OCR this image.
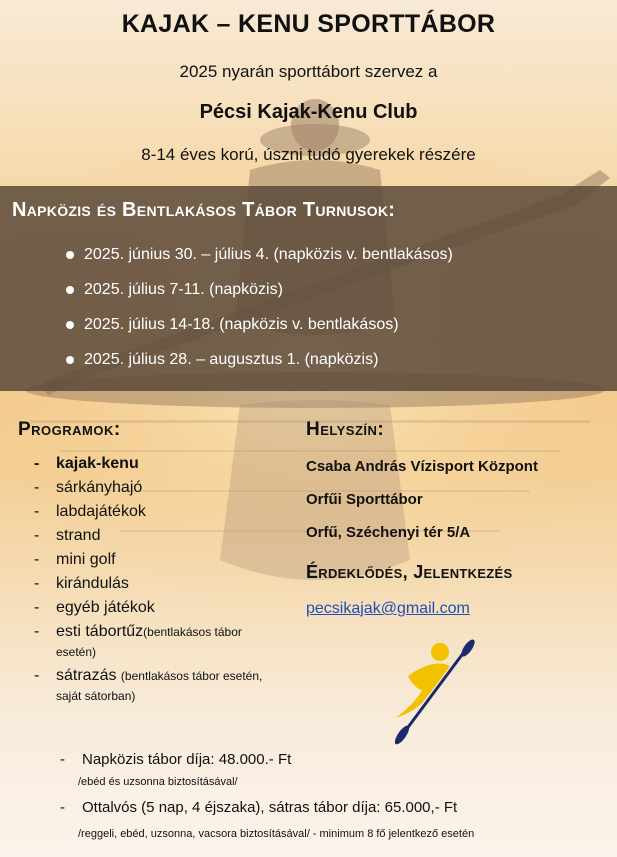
KAJAK – KENU SPORTTÁBOR
2025 nyarán sporttábort szervez a
Pécsi Kajak-Kenu Club
8-14 éves korú, úszni tudó gyerekek részére
Napközis és Bentlakásos Tábor Turnusok:
2025. június 30. – július 4. (napközis v. bentlakásos)
2025. július 7-11. (napközis)
2025. július 14-18. (napközis v. bentlakásos)
2025. július 28. – augusztus 1. (napközis)
Programok:
- kajak-kenu
- sárkányhajó
- labdajátékok
- strand
- mini golf
- kirándulás
- egyéb játékok
- esti tábortűz(bentlakásos tábor esetén)
- sátrazás (bentlakásos tábor esetén, saját sátorban)
Helyszín:
Csaba András Vízisport Központ
Orfűi Sporttábor
Orfű, Széchenyi tér 5/A
Érdeklődés, Jelentkezés
pecsikajak@gmail.com
- Napközis tábor díja: 48.000.- Ft
/ebéd és uzsonna biztosításával/
- Ottalvós (5 nap, 4 éjszaka), sátras tábor díja: 65.000,- Ft
/reggeli, ebéd, uzsonna, vacsora biztosításával/ - minimum 8 fő jelentkező esetén
